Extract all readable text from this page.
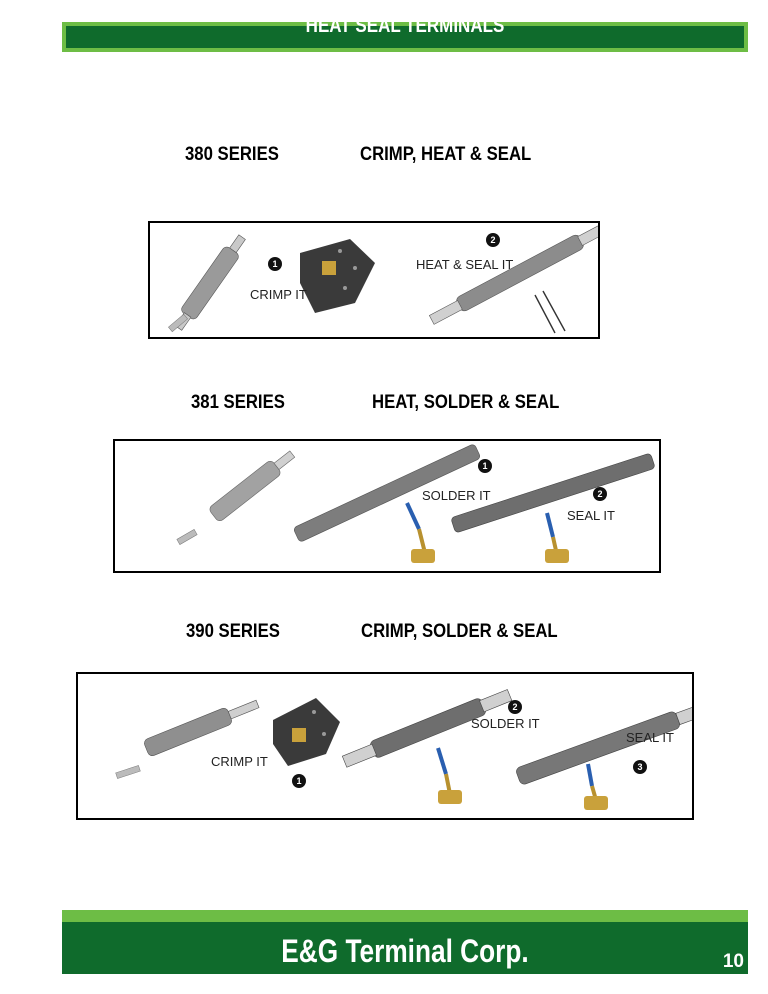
HEAT SEAL TERMINALS
380 SERIES	CRIMP, HEAT & SEAL
1
CRIMP IT
2
HEAT & SEAL IT
381 SERIES	HEAT, SOLDER & SEAL
1
SOLDER IT	2
SEAL IT
390 SERIES	CRIMP, SOLDER & SEAL
1
CRIMP IT
2
SOLDER IT
3
SEAL IT
E&G Terminal Corp.	10
